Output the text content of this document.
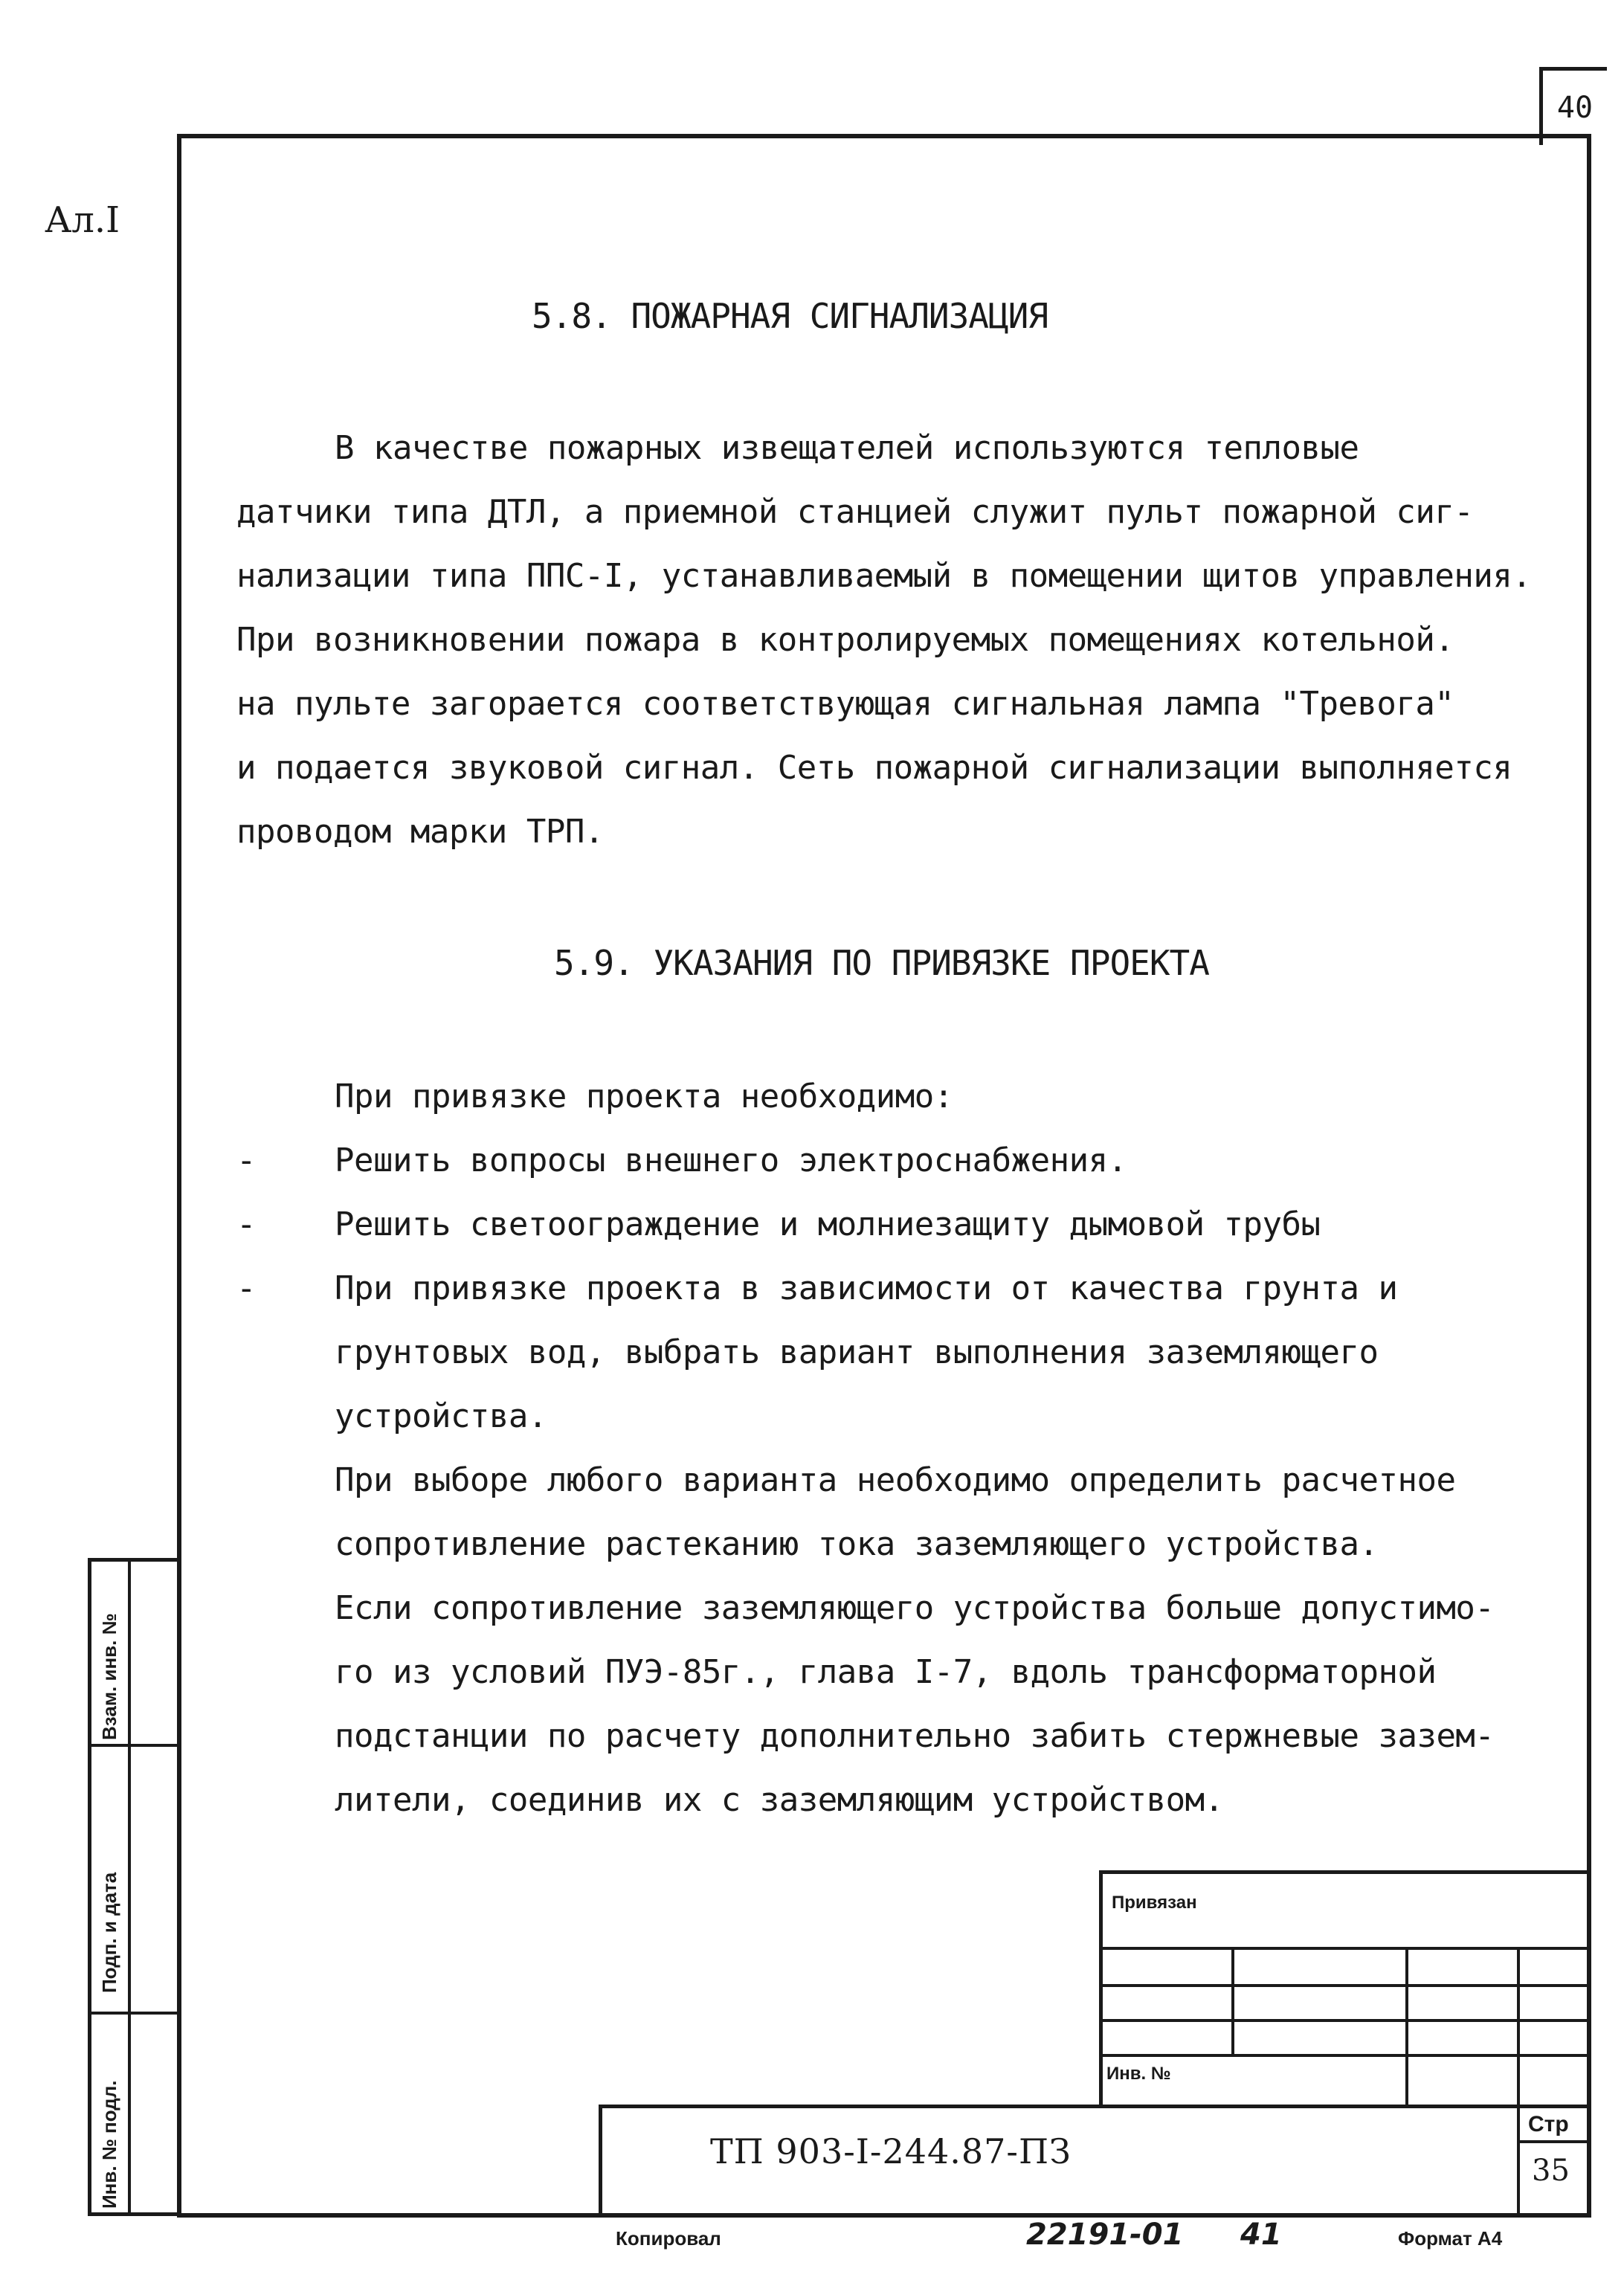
40
Ал.I
5.8. ПОЖАРНАЯ СИГНАЛИЗАЦИЯ
В качестве пожарных извещателей используются тепловые
датчики типа ДТЛ, а приемной станцией служит пульт пожарной сиг-
нализации типа ППС-I, устанавливаемый в помещении щитов управления.
При возникновении пожара в контролируемых помещениях котельной.
на пульте загорается соответствующая сигнальная лампа "Тревога"
и подается звуковой сигнал. Сеть пожарной сигнализации выполняется
проводом марки ТРП.
5.9. УКАЗАНИЯ ПО ПРИВЯЗКЕ ПРОЕКТА
При привязке проекта необходимо:
- Решить вопросы внешнего электроснабжения.
- Решить светоограждение и молниезащиту дымовой трубы
- При привязке проекта в зависимости от качества грунта и
грунтовых вод, выбрать вариант выполнения заземляющего
устройства.
При выборе любого варианта необходимо определить расчетное
сопротивление растеканию тока заземляющего устройства.
Если сопротивление заземляющего устройства больше допустимо-
го из условий ПУЭ-85г., глава I-7, вдоль трансформаторной
подстанции по расчету дополнительно забить стержневые зазем-
лители, соединив их с заземляющим устройством.
Взам. инв. №
Подп. и дата
Инв. № подл.
Привязан
Инв. №
ТП 903-I-244.87-ПЗ
Стр
35
Копировал	22191-01 41	Формат А4
